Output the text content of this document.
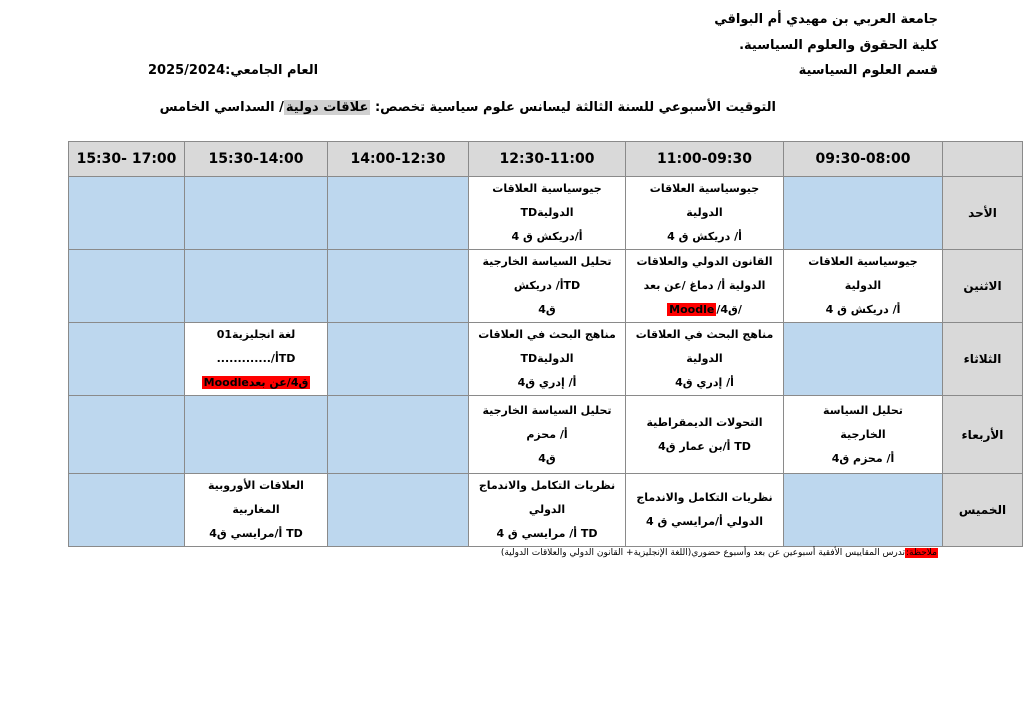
جامعة العربي بن مهيدي أم البواقي
كلية الحقوق والعلوم السياسية.
قسم العلوم السياسية
العام الجامعي:2025/2024
التوقيت الأسبوعي للسنة الثالثة ليسانس علوم سياسية تخصص: علاقات دولية/ السداسي الخامس
	09:30-08:00	11:00-09:30	12:30-11:00	14:00-12:30	15:30-14:00	17:00 -15:30
الأحد		جيوسياسية العلاقات
الدولية
أ/ دريكش ق 4	جيوسياسية العلاقات
الدوليةTD
أ/دريكش ق 4			

الاثنين	جيوسياسية العلاقات
الدولية
أ/ دريكش ق 4	القانون الدولي والعلاقات
الدولية أ/ دماغ /عن بعد
/ق4/Moodle	تحليل السياسة الخارجية
TDأ/ دريكش
ق4			

الثلاثاء		مناهج البحث في العلاقات
الدولية
أ/ إدري ق4	مناهج البحث في العلاقات
الدوليةTD
أ/ إدري ق4		لغة انجليزية01
TDأ/.............
ق4/عن بعدMoodle	

الأربعاء	تحليل السياسة
الخارجية
أ/ محزم ق4	التحولات الديمقراطية
TD أ/بن عمار ق4	تحليل السياسة الخارجية
أ/ محزم
ق4			

الخميس		نظريات التكامل والاندماج
الدولي أ/مرايسي ق 4	نظريات التكامل والاندماج
الدولي
TD أ/ مرايسي ق 4		العلاقات الأوروبية
المغاربية
TD أ/مرايسي ق4	

ملاحظة:تدرس المقاييس الأفقية أسبوعين عن بعد وأسبوع حضوري(اللغة الإنجليزية+ القانون الدولي والعلاقات الدولية)
